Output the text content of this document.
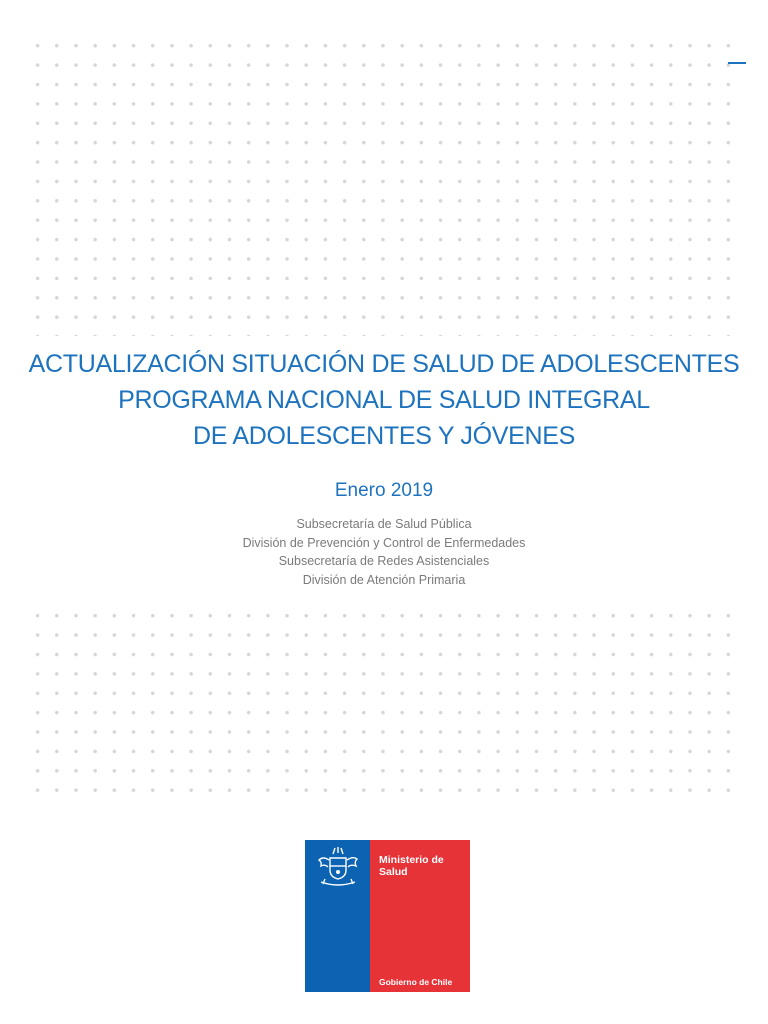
ACTUALIZACIÓN SITUACIÓN DE SALUD DE ADOLESCENTES
PROGRAMA NACIONAL DE SALUD INTEGRAL
DE ADOLESCENTES Y JÓVENES
Enero 2019
Subsecretaría de Salud Pública
División de Prevención y Control de Enfermedades
Subsecretaría de Redes Asistenciales
División de Atención Primaria
Ministerio de Salud
Gobierno de Chile
